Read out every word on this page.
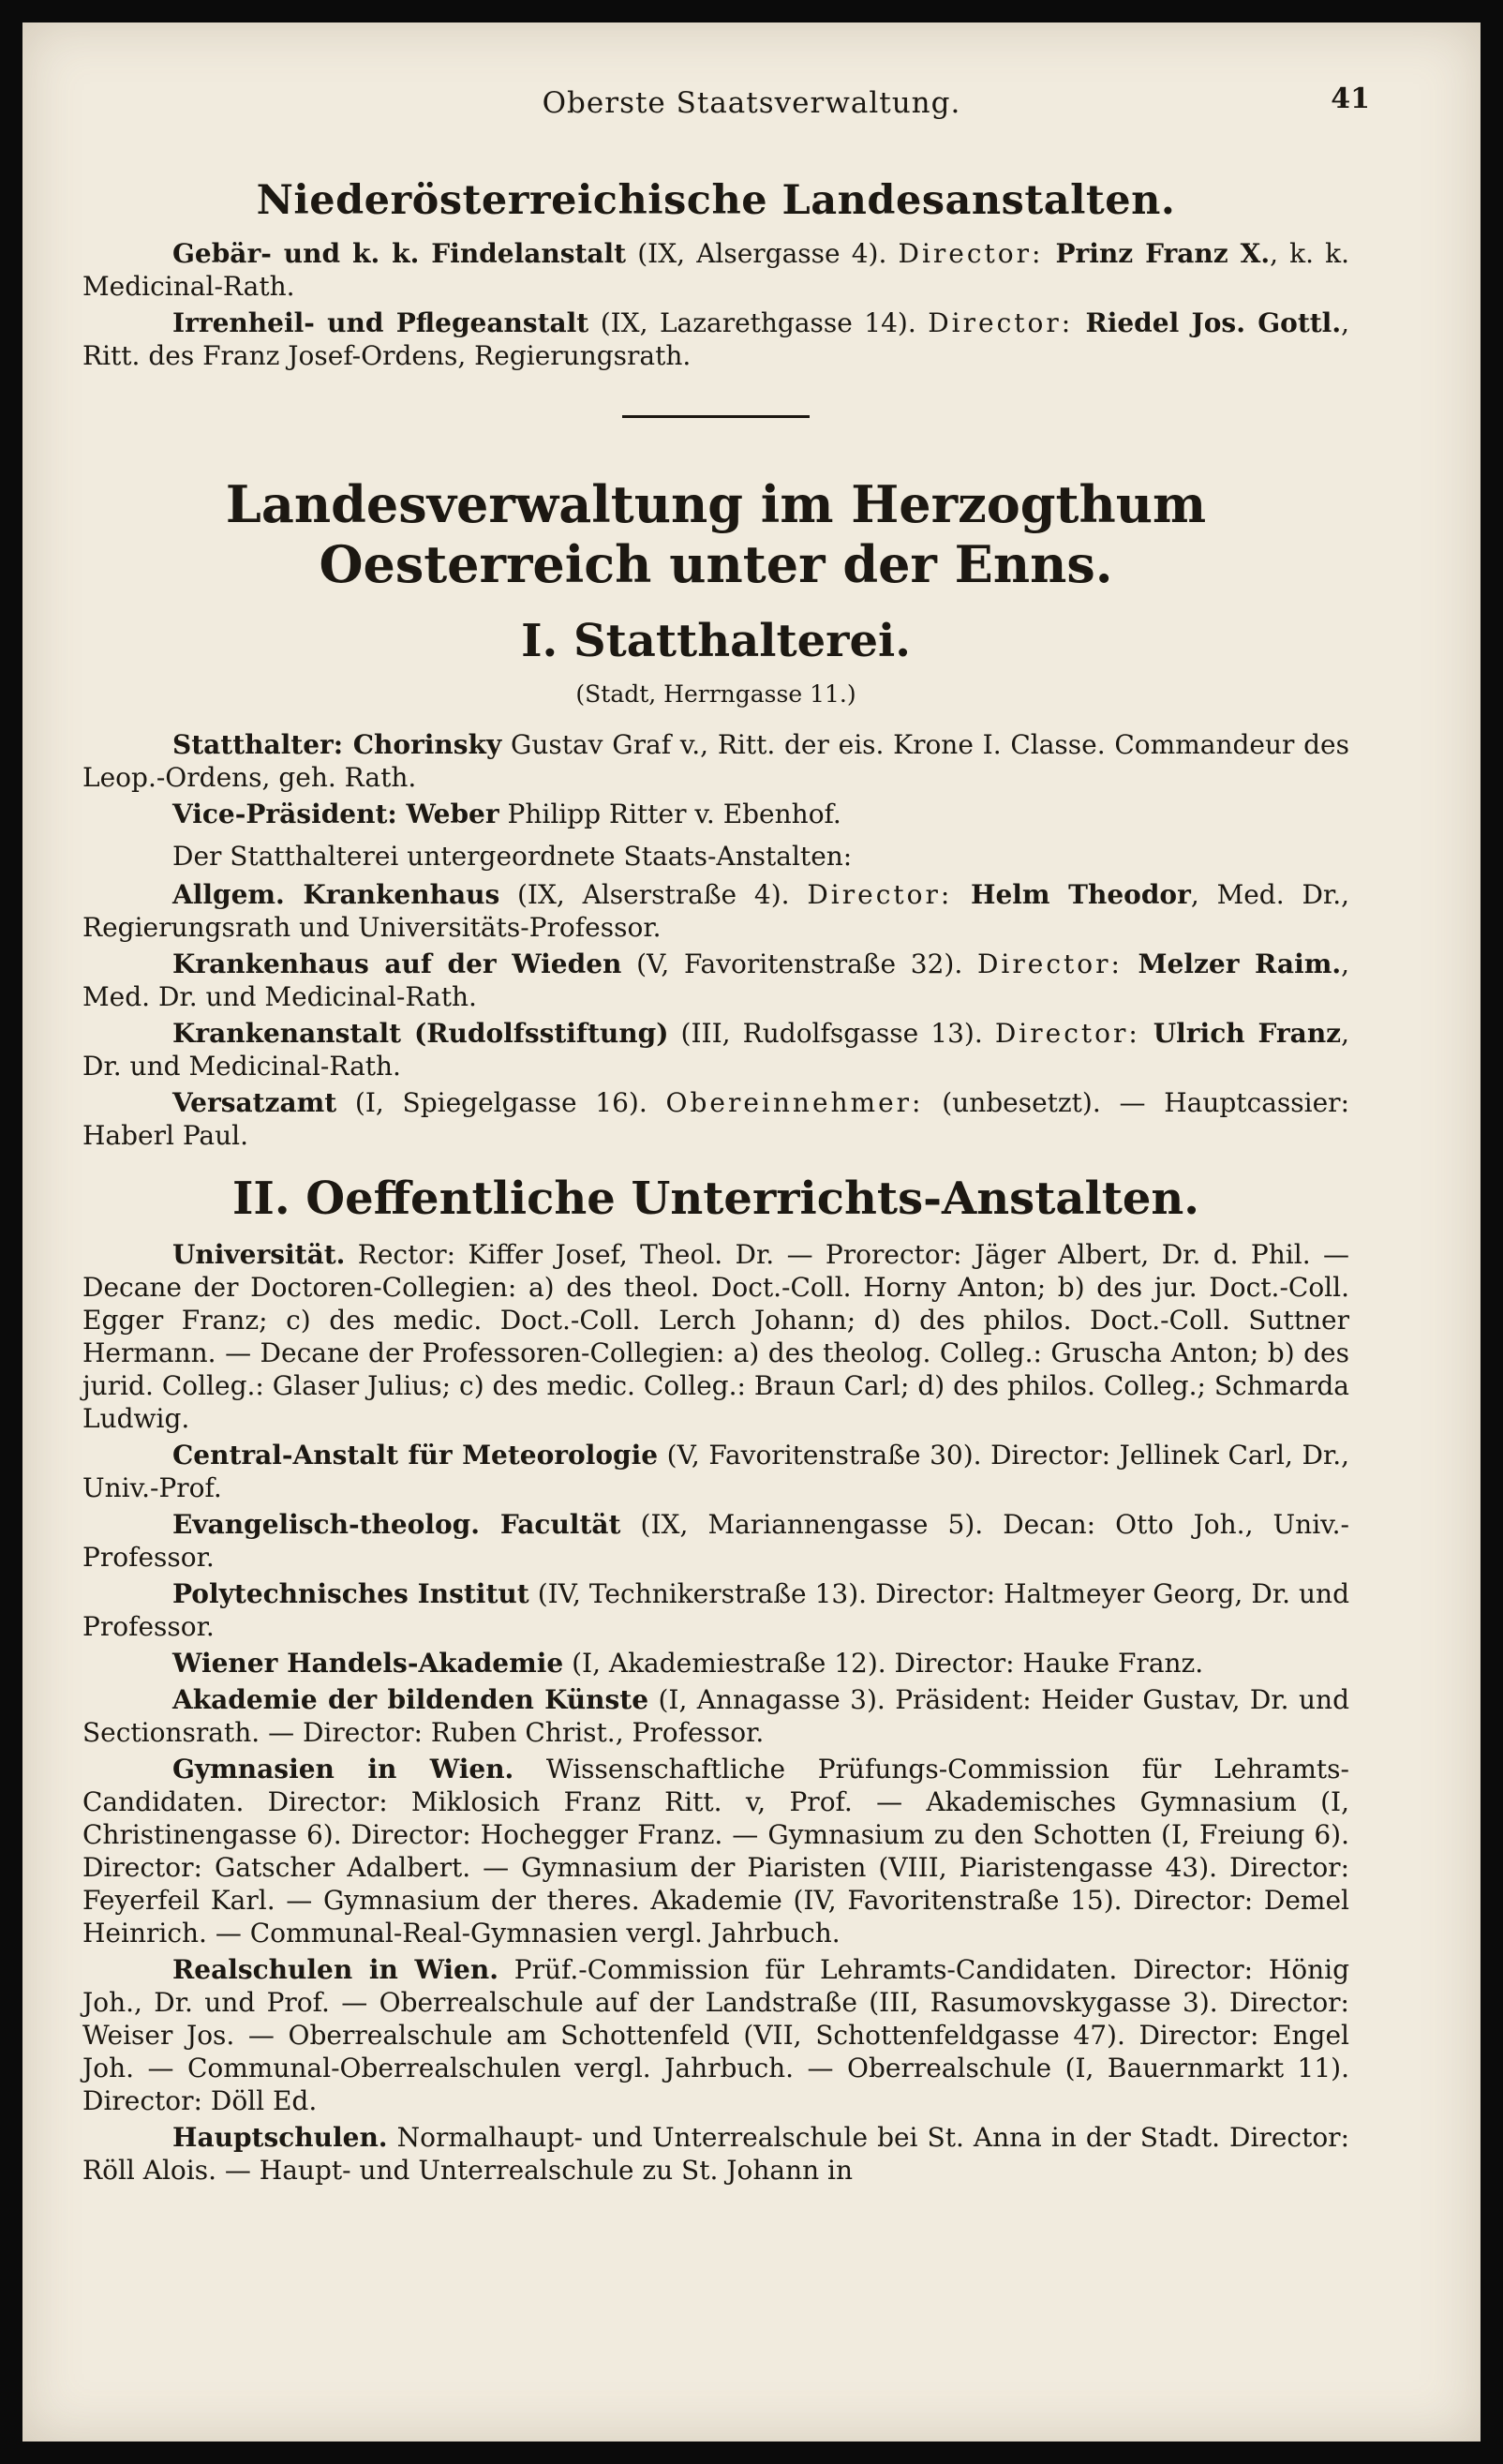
Oberste Staatsverwaltung.	41
Niederösterreichische Landesanstalten.

Gebär- und k. k. Findelanstalt (IX, Alsergasse 4). Director: Prinz Franz X., k. k. Medicinal-Rath.

Irrenheil- und Pflegeanstalt (IX, Lazarethgasse 14). Director: Riedel Jos. Gottl., Ritt. des Franz Josef-Ordens, Regierungsrath.

Landesverwaltung im Herzogthum Oesterreich unter der Enns.
I. Statthalterei.
(Stadt, Herrngasse 11.)

Statthalter: Chorinsky Gustav Graf v., Ritt. der eis. Krone I. Classe. Commandeur des Leop.-Ordens, geh. Rath.

Vice-Präsident: Weber Philipp Ritter v. Ebenhof.

Der Statthalterei untergeordnete Staats-Anstalten:

Allgem. Krankenhaus (IX, Alserstraße 4). Director: Helm Theodor, Med. Dr., Regierungsrath und Universitäts-Professor.

Krankenhaus auf der Wieden (V, Favoritenstraße 32). Director: Melzer Raim., Med. Dr. und Medicinal-Rath.

Krankenanstalt (Rudolfsstiftung) (III, Rudolfsgasse 13). Director: Ulrich Franz, Dr. und Medicinal-Rath.

Versatzamt (I, Spiegelgasse 16). Obereinnehmer: (unbesetzt). — Hauptcassier: Haberl Paul.

II. Oeffentliche Unterrichts-Anstalten.

Universität. Rector: Kiffer Josef, Theol. Dr. — Prorector: Jäger Albert, Dr. d. Phil. — Decane der Doctoren-Collegien: a) des theol. Doct.-Coll. Horny Anton; b) des jur. Doct.-Coll. Egger Franz; c) des medic. Doct.-Coll. Lerch Johann; d) des philos. Doct.-Coll. Suttner Hermann. — Decane der Professoren-Collegien: a) des theolog. Colleg.: Gruscha Anton; b) des jurid. Colleg.: Glaser Julius; c) des medic. Colleg.: Braun Carl; d) des philos. Colleg.; Schmarda Ludwig.

Central-Anstalt für Meteorologie (V, Favoritenstraße 30). Director: Jellinek Carl, Dr., Univ.-Prof.

Evangelisch-theolog. Facultät (IX, Mariannengasse 5). Decan: Otto Joh., Univ.-Professor.

Polytechnisches Institut (IV, Technikerstraße 13). Director: Haltmeyer Georg, Dr. und Professor.

Wiener Handels-Akademie (I, Akademiestraße 12). Director: Hauke Franz.

Akademie der bildenden Künste (I, Annagasse 3). Präsident: Heider Gustav, Dr. und Sectionsrath. — Director: Ruben Christ., Professor.

Gymnasien in Wien. Wissenschaftliche Prüfungs-Commission für Lehramts-Candidaten. Director: Miklosich Franz Ritt. v, Prof. — Akademisches Gymnasium (I, Christinengasse 6). Director: Hochegger Franz. — Gymnasium zu den Schotten (I, Freiung 6). Director: Gatscher Adalbert. — Gymnasium der Piaristen (VIII, Piaristengasse 43). Director: Feyerfeil Karl. — Gymnasium der theres. Akademie (IV, Favoritenstraße 15). Director: Demel Heinrich. — Communal-Real-Gymnasien vergl. Jahrbuch.

Realschulen in Wien. Prüf.-Commission für Lehramts-Candidaten. Director: Hönig Joh., Dr. und Prof. — Oberrealschule auf der Landstraße (III, Rasumovskygasse 3). Director: Weiser Jos. — Oberrealschule am Schottenfeld (VII, Schottenfeldgasse 47). Director: Engel Joh. — Communal-Oberrealschulen vergl. Jahrbuch. — Oberrealschule (I, Bauernmarkt 11). Director: Döll Ed.

Hauptschulen. Normalhaupt- und Unterrealschule bei St. Anna in der Stadt. Director: Röll Alois. — Haupt- und Unterrealschule zu St. Johann in
